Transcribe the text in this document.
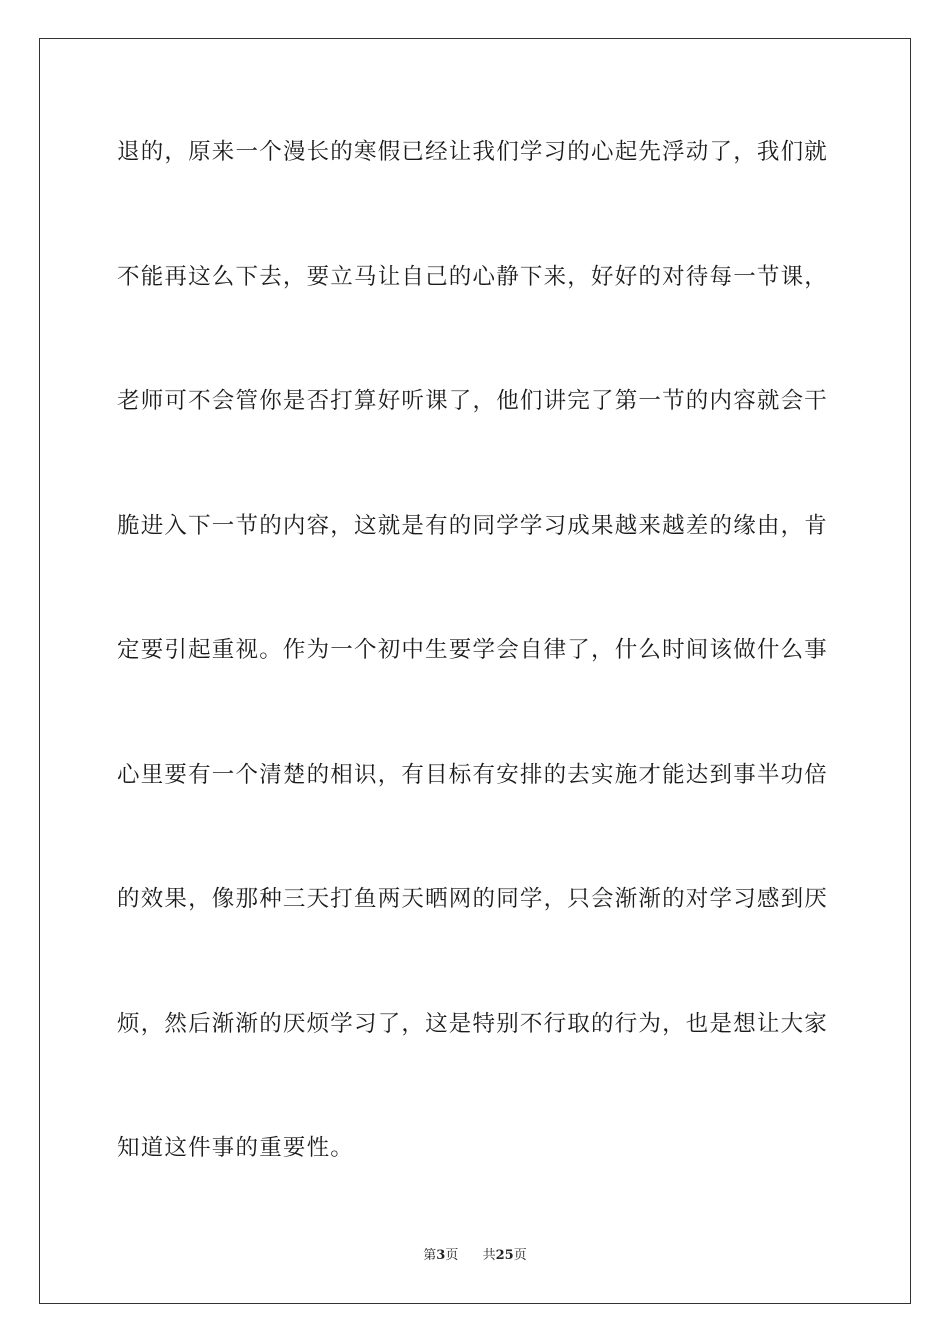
退的，原来一个漫长的寒假已经让我们学习的心起先浮动了，我们就
不能再这么下去，要立马让自己的心静下来，好好的对待每一节课，
老师可不会管你是否打算好听课了，他们讲完了第一节的内容就会干
脆进入下一节的内容，这就是有的同学学习成果越来越差的缘由，肯
定要引起重视。作为一个初中生要学会自律了，什么时间该做什么事
心里要有一个清楚的相识，有目标有安排的去实施才能达到事半功倍
的效果，像那种三天打鱼两天晒网的同学，只会渐渐的对学习感到厌
烦，然后渐渐的厌烦学习了，这是特别不行取的行为，也是想让大家
知道这件事的重要性。
第3页 共25页
